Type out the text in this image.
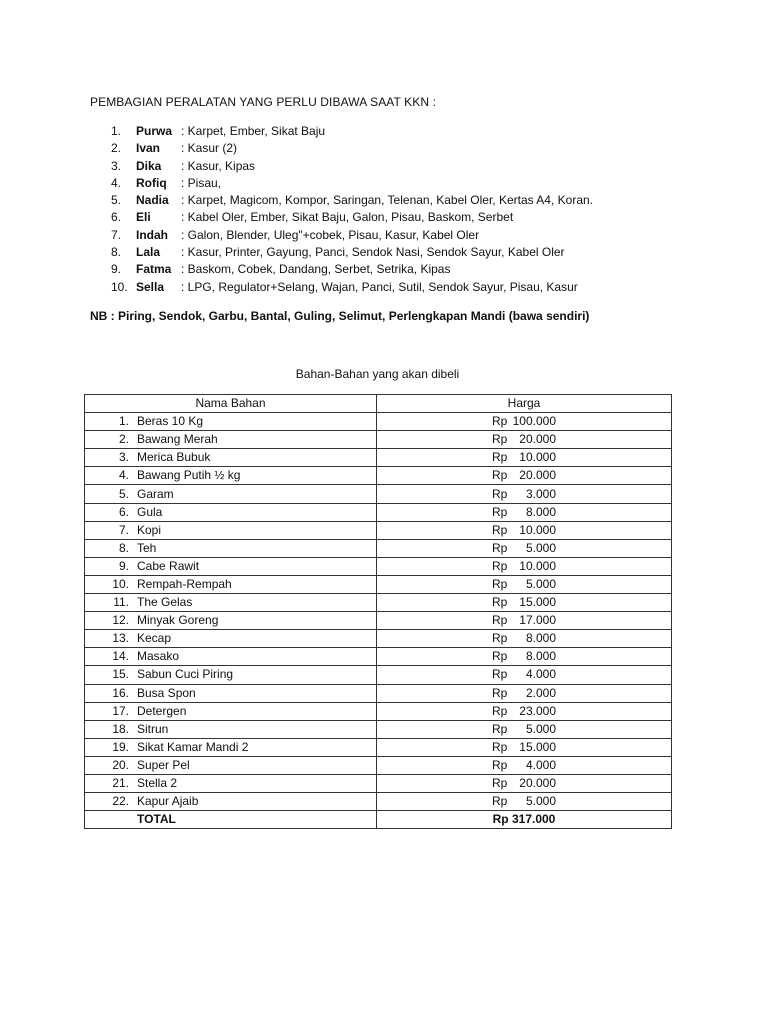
PEMBAGIAN PERALATAN YANG PERLU DIBAWA SAAT KKN :
1.	Purwa : Karpet, Ember, Sikat Baju
2.	Ivan	: Kasur (2)
3.	Dika	: Kasur, Kipas
4.	Rofiq	: Pisau,
5.	Nadia	: Karpet, Magicom, Kompor, Saringan, Telenan, Kabel Oler, Kertas A4, Koran.
6.	Eli	: Kabel Oler, Ember, Sikat Baju, Galon, Pisau, Baskom, Serbet
7.	Indah	: Galon, Blender, Uleg"+cobek, Pisau, Kasur, Kabel Oler
8.	Lala	: Kasur, Printer, Gayung, Panci, Sendok Nasi, Sendok Sayur, Kabel Oler
9.	Fatma : Baskom, Cobek, Dandang, Serbet, Setrika, Kipas
10. Sella	: LPG, Regulator+Selang, Wajan, Panci, Sutil, Sendok Sayur, Pisau, Kasur
NB : Piring, Sendok, Garbu, Bantal, Guling, Selimut, Perlengkapan Mandi (bawa sendiri)
Bahan-Bahan yang akan dibeli
Nama Bahan	Harga

1. Beras 10 Kg	Rp 100.000

2. Bawang Merah	Rp 20.000

3. Merica Bubuk	Rp 10.000

4. Bawang Putih ½ kg	Rp 20.000

5. Garam	Rp 3.000

6. Gula	Rp 8.000

7. Kopi	Rp 10.000

8. Teh	Rp 5.000

9. Cabe Rawit	Rp 10.000

10. Rempah-Rempah	Rp 5.000

11. The Gelas	Rp 15.000

12. Minyak Goreng	Rp 17.000

13. Kecap	Rp 8.000

14. Masako	Rp 8.000

15. Sabun Cuci Piring	Rp 4.000

16. Busa Spon	Rp 2.000

17. Detergen	Rp 23.000

18. Sitrun	Rp 5.000

19. Sikat Kamar Mandi 2	Rp 15.000

20. Super Pel	Rp 4.000

21. Stella 2	Rp 20.000

22. Kapur Ajaib	Rp 5.000

TOTAL	Rp 317.000
